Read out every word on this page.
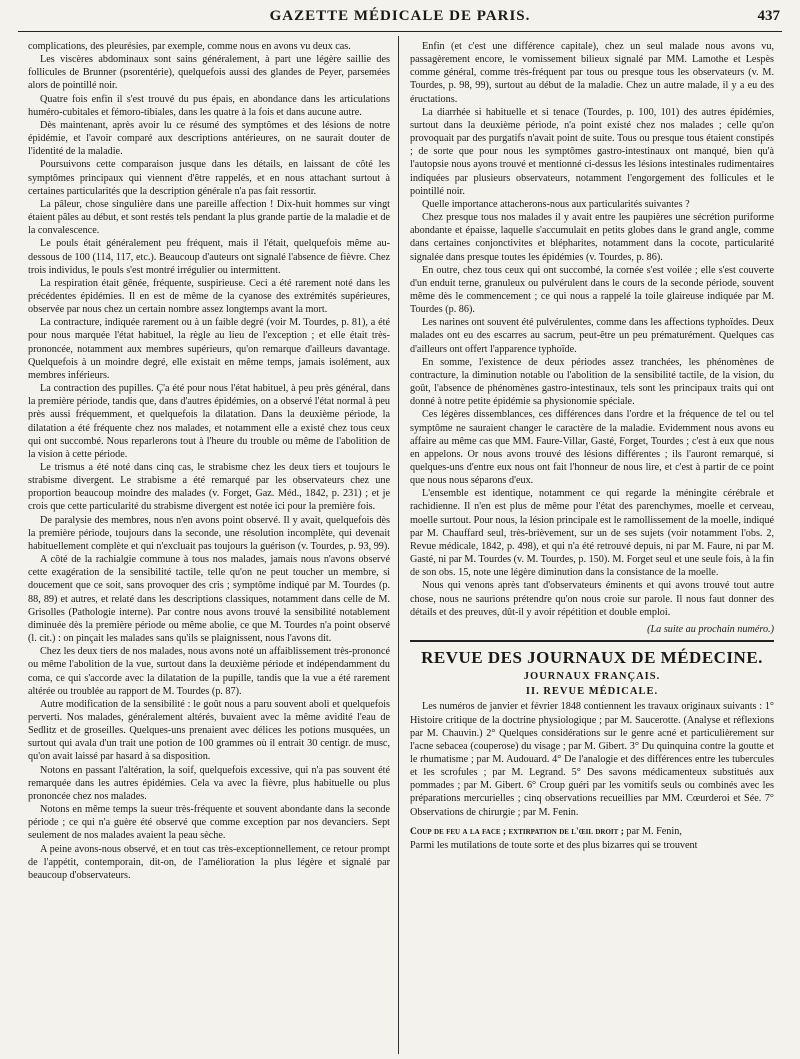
GAZETTE MÉDICALE DE PARIS.	437

complications, des pleurésies, par exemple, comme nous en avons vu deux cas.

Les viscères abdominaux sont sains généralement, à part une légère saillie des follicules de Brunner (psorentérie), quelquefois aussi des glandes de Peyer, parsemées alors de pointillé noir.

Quatre fois enfin il s'est trouvé du pus épais, en abondance dans les articulations huméro-cubitales et fémoro-tibiales, dans les quatre à la fois et dans aucune autre.

Dès maintenant, après avoir lu ce résumé des symptômes et des lésions de notre épidémie, et l'avoir comparé aux descriptions antérieures, on ne saurait douter de l'identité de la maladie.

Poursuivons cette comparaison jusque dans les détails, en laissant de côté les symptômes principaux qui viennent d'être rappelés, et en nous attachant surtout à certaines particularités que la description générale n'a pas fait ressortir.

La pâleur, chose singulière dans une pareille affection ! Dix-huit hommes sur vingt étaient pâles au début, et sont restés tels pendant la plus grande partie de la maladie et de la convalescence.

Le pouls était généralement peu fréquent, mais il l'était, quelquefois même au-dessous de 100 (114, 117, etc.). Beaucoup d'auteurs ont signalé l'absence de fièvre. Chez trois individus, le pouls s'est montré irrégulier ou intermittent.

La respiration était gênée, fréquente, suspirieuse. Ceci a été rarement noté dans les précédentes épidémies. Il en est de même de la cyanose des extrémités supérieures, observée par nous chez un certain nombre assez longtemps avant la mort.

La contracture, indiquée rarement ou à un faible degré (voir M. Tourdes, p. 81), a été pour nous marquée l'état habituel, la règle au lieu de l'exception ; et elle était très-prononcée, notamment aux membres supérieurs, qu'on remarque d'ailleurs davantage. Quelquefois à un moindre degré, elle existait en même temps, jamais isolément, aux membres inférieurs.

La contraction des pupilles. Ç'a été pour nous l'état habituel, à peu près général, dans la première période, tandis que, dans d'autres épidémies, on a observé l'état normal à peu près aussi fréquemment, et quelquefois la dilatation. Dans la deuxième période, la dilatation a été fréquente chez nos malades, et notamment elle a existé chez tous ceux qui ont succombé. Nous reparlerons tout à l'heure du trouble ou même de l'abolition de la vision à cette période.

Le trismus a été noté dans cinq cas, le strabisme chez les deux tiers et toujours le strabisme divergent. Le strabisme a été remarqué par les observateurs chez une proportion beaucoup moindre des malades (v. Forget, Gaz. Méd., 1842, p. 231) ; et je crois que cette particularité du strabisme divergent est notée ici pour la première fois.

De paralysie des membres, nous n'en avons point observé. Il y avait, quelquefois dès la première période, toujours dans la seconde, une résolution incomplète, qui devenait habituellement complète et qui n'excluait pas toujours la guérison (v. Tourdes, p. 93, 99).

A côté de la rachialgie commune à tous nos malades, jamais nous n'avons observé cette exagération de la sensibilité tactile, telle qu'on ne peut toucher un membre, si doucement que ce soit, sans provoquer des cris ; symptôme indiqué par M. Tourdes (p. 88, 89) et autres, et relaté dans les descriptions classiques, notamment dans celle de M. Grisolles (Pathologie interne). Par contre nous avons trouvé la sensibilité notablement diminuée dès la première période ou même abolie, ce que M. Tourdes n'a point observé (l. cit.) : on pinçait les malades sans qu'ils se plaignissent, nous l'avons dit.

Chez les deux tiers de nos malades, nous avons noté un affaiblissement très-prononcé ou même l'abolition de la vue, surtout dans la deuxième période et indépendamment du coma, ce qui s'accorde avec la dilatation de la pupille, tandis que la vue a été rarement altérée ou troublée au rapport de M. Tourdes (p. 87).

Autre modification de la sensibilité : le goût nous a paru souvent aboli et quelquefois perverti. Nos malades, généralement altérés, buvaient avec la même avidité l'eau de Sedlitz et de groseilles. Quelques-uns prenaient avec délices les potions musquées, un surtout qui avala d'un trait une potion de 100 grammes où il entrait 30 centigr. de musc, qu'on avait laissé par hasard à sa disposition.

Notons en passant l'altération, la soif, quelquefois excessive, qui n'a pas souvent été remarquée dans les autres épidémies. Cela va avec la fièvre, plus habituelle ou plus prononcée chez nos malades.

Notons en même temps la sueur très-fréquente et souvent abondante dans la seconde période ; ce qui n'a guère été observé que comme exception par nos devanciers. Sept seulement de nos malades avaient la peau sèche.

A peine avons-nous observé, et en tout cas très-exceptionnellement, ce retour prompt de l'appétit, contemporain, dit-on, de l'amélioration la plus légère et signalé par beaucoup d'observateurs.

Enfin (et c'est une différence capitale), chez un seul malade nous avons vu, passagèrement encore, le vomissement bilieux signalé par MM. Lamothe et Lespès comme général, comme très-fréquent par tous ou presque tous les observateurs (v. M. Tourdes, p. 98, 99), surtout au début de la maladie. Chez un autre malade, il y a eu des éructations.

La diarrhée si habituelle et si tenace (Tourdes, p. 100, 101) des autres épidémies, surtout dans la deuxième période, n'a point existé chez nos malades ; celle qu'on provoquait par des purgatifs n'avait point de suite. Tous ou presque tous étaient constipés ; de sorte que pour nous les symptômes gastro-intestinaux ont manqué, bien qu'à l'autopsie nous ayons trouvé et mentionné ci-dessus les lésions intestinales rudimentaires indiquées par plusieurs observateurs, notamment l'engorgement des follicules et le pointillé noir.

Quelle importance attacherons-nous aux particularités suivantes ?

Chez presque tous nos malades il y avait entre les paupières une sécrétion puriforme abondante et épaisse, laquelle s'accumulait en petits globes dans le grand angle, comme dans certaines conjonctivites et blépharites, notamment dans la cocote, particularité signalée dans presque toutes les épidémies (v. Tourdes, p. 86).

En outre, chez tous ceux qui ont succombé, la cornée s'est voilée ; elle s'est couverte d'un enduit terne, granuleux ou pulvérulent dans le cours de la seconde période, souvent même dès le commencement ; ce qui nous a rappelé la toile glaireuse indiquée par M. Tourdes (p. 86).

Les narines ont souvent été pulvérulentes, comme dans les affections typhoïdes. Deux malades ont eu des escarres au sacrum, peut-être un peu prématurément. Quelques cas d'ailleurs ont offert l'apparence typhoïde.

En somme, l'existence de deux périodes assez tranchées, les phénomènes de contracture, la diminution notable ou l'abolition de la sensibilité tactile, de la vision, du goût, l'absence de phénomènes gastro-intestinaux, tels sont les principaux traits qui ont donné à notre petite épidémie sa physionomie spéciale.

Ces légères dissemblances, ces différences dans l'ordre et la fréquence de tel ou tel symptôme ne sauraient changer le caractère de la maladie. Evidemment nous avons eu affaire au même cas que MM. Faure-Villar, Gasté, Forget, Tourdes ; c'est à eux que nous en appelons. Or nous avons trouvé des lésions différentes ; ils l'auront remarqué, si quelques-uns d'entre eux nous ont fait l'honneur de nous lire, et c'est à partir de ce point que nous nous séparons d'eux.

L'ensemble est identique, notamment ce qui regarde la méningite cérébrale et rachidienne. Il n'en est plus de même pour l'état des parenchymes, moelle et cerveau, moelle surtout. Pour nous, la lésion principale est le ramollissement de la moelle, indiqué par M. Chauffard seul, très-brièvement, sur un de ses sujets (voir notamment l'obs. 2, Revue médicale, 1842, p. 498), et qui n'a été retrouvé depuis, ni par M. Faure, ni par M. Gasté, ni par M. Tourdes (v. M. Tourdes, p. 150). M. Forget seul et une seule fois, à la fin de son obs. 15, note une légère diminution dans la consistance de la moelle.

Nous qui venons après tant d'observateurs éminents et qui avons trouvé tout autre chose, nous ne saurions prétendre qu'on nous croie sur parole. Il nous faut donner des détails et des preuves, dût-il y avoir répétition et double emploi.

(La suite au prochain numéro.)

REVUE DES JOURNAUX DE MÉDECINE.
JOURNAUX FRANÇAIS.
II. REVUE MÉDICALE.

Les numéros de janvier et février 1848 contiennent les travaux originaux suivants : 1° Histoire critique de la doctrine physiologique ; par M. Saucerotte. (Analyse et réflexions par M. Chauvin.) 2° Quelques considérations sur le genre acné et particulièrement sur l'acne sebacea (couperose) du visage ; par M. Gibert. 3° Du quinquina contre la goutte et le rhumatisme ; par M. Audouard. 4° De l'analogie et des différences entre les tubercules et les scrofules ; par M. Legrand. 5° Des savons médicamenteux substitués aux pommades ; par M. Gibert. 6° Croup guéri par les vomitifs seuls ou combinés avec les préparations mercurielles ; cinq observations recueillies par MM. Cœurderoi et Sée. 7° Observations de chirurgie ; par M. Fenin.

Coup de feu a la face ; extirpation de l'œil droit ; par M. Fenin,

Parmi les mutilations de toute sorte et des plus bizarres qui se trouvent
